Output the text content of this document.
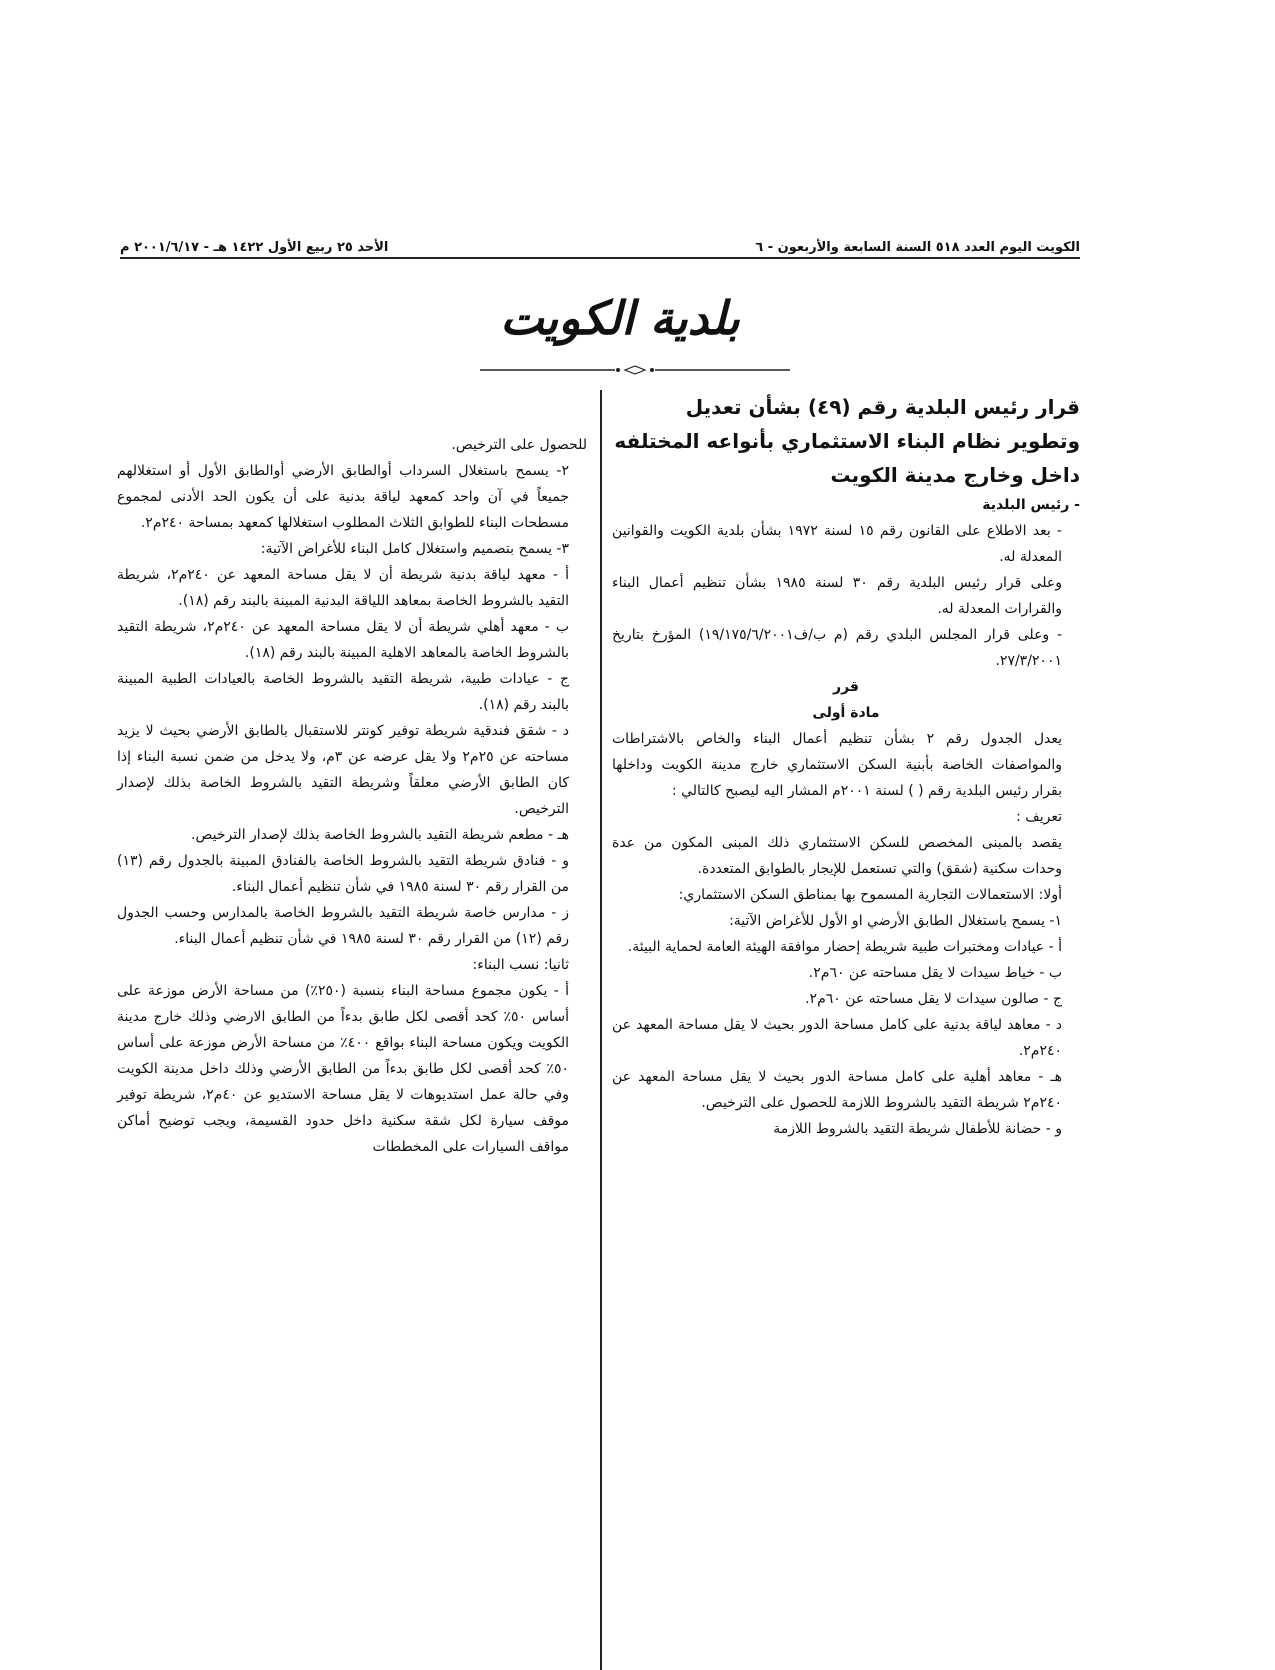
الكويت اليوم العدد ٥١٨ السنة السابعة والأربعون - ٦
الأحد ٢٥ ربيع الأول ١٤٢٢ هـ - ٢٠٠١/٦/١٧ م
بلدية الكويت

قرار رئيس البلدية رقم (٤٩) بشأن تعديل وتطوير نظام البناء الاستثماري بأنواعه المختلفه داخل وخارج مدينة الكويت

- رئيس البلدية

- بعد الاطلاع على القانون رقم ١٥ لسنة ١٩٧٢ بشأن بلدية الكويت والقوانين المعدلة له.

وعلى قرار رئيس البلدية رقم ٣٠ لسنة ١٩٨٥ بشأن تنظيم أعمال البناء والقرارات المعدلة له.

- وعلى قرار المجلس البلدي رقم (م ب/ف١٩/١٧٥/٦/٢٠٠١) المؤرخ بتاريخ ٢٧/٣/٢٠٠١.

قرر

مادة أولى

يعدل الجدول رقم ٢ بشأن تنظيم أعمال البناء والخاص بالاشتراطات والمواصفات الخاصة بأبنية السكن الاستثماري خارج مدينة الكويت وداخلها بقرار رئيس البلدية رقم ( ) لسنة ٢٠٠١م المشار اليه ليصبح كالتالي :

تعريف :

يقصد بالمبنى المخصص للسكن الاستثماري ذلك المبنى المكون من عدة وحدات سكنية (شقق) والتي تستعمل للإيجار بالطوابق المتعددة.

أولا: الاستعمالات التجارية المسموح بها بمناطق السكن الاستثماري:

١- يسمح باستغلال الطابق الأرضي او الأول للأغراض الآتية:

أ - عيادات ومختبرات طبية شريطة إحضار موافقة الهيئة العامة لحماية البيئة.

ب - خياط سيدات لا يقل مساحته عن ٦٠م٢.

ج - صالون سيدات لا يقل مساحته عن ٦٠م٢.

د - معاهد لياقة بدنية على كامل مساحة الدور بحيث لا يقل مساحة المعهد عن ٢٤٠م٢.

هـ - معاهد أهلية على كامل مساحة الدور بحيث لا يقل مساحة المعهد عن ٢٤٠م٢ شريطة التقيد بالشروط اللازمة للحصول على الترخيص.

و - حضانة للأطفال شريطة التقيد بالشروط اللازمة

للحصول على الترخيص.

٢- يسمح باستغلال السرداب أوالطابق الأرضي أوالطابق الأول أو استغلالهم جميعاً في آن واحد كمعهد لياقة بدنية على أن يكون الحد الأدنى لمجموع مسطحات البناء للطوابق الثلاث المطلوب استغلالها كمعهد بمساحة ٢٤٠م٢.

٣- يسمح بتصميم واستغلال كامل البناء للأغراض الآتية:

أ - معهد لياقة بدنية شريطة أن لا يقل مساحة المعهد عن ٢٤٠م٢، شريطة التقيد بالشروط الخاصة بمعاهد اللياقة البدنية المبينة بالبند رقم (١٨).

ب - معهد أهلي شريطة أن لا يقل مساحة المعهد عن ٢٤٠م٢، شريطة التقيد بالشروط الخاصة بالمعاهد الاهلية المبينة بالبند رقم (١٨).

ج - عيادات طبية، شريطة التقيد بالشروط الخاصة بالعيادات الطبية المبينة بالبند رقم (١٨).

د - شقق فندقية شريطة توفير كونتر للاستقبال بالطابق الأرضي بحيث لا يزيد مساحته عن ٢٥م٢ ولا يقل عرضه عن ٣م، ولا يدخل من ضمن نسبة البناء إذا كان الطابق الأرضي معلقاً وشريطة التقيد بالشروط الخاصة بذلك لإصدار الترخيص.

هـ - مطعم شريطة التقيد بالشروط الخاصة بذلك لإصدار الترخيص.

و - فنادق شريطة التقيد بالشروط الخاصة بالفنادق المبينة بالجدول رقم (١٣) من القرار رقم ٣٠ لسنة ١٩٨٥ في شأن تنظيم أعمال البناء.

ز - مدارس خاصة شريطة التقيد بالشروط الخاصة بالمدارس وحسب الجدول رقم (١٢) من القرار رقم ٣٠ لسنة ١٩٨٥ في شأن تنظيم أعمال البناء.

ثانيا: نسب البناء:

أ - يكون مجموع مساحة البناء بنسبة (٢٥٠٪) من مساحة الأرض موزعة على أساس ٥٠٪ كحد أقصى لكل طابق بدءاً من الطابق الارضي وذلك خارج مدينة الكويت ويكون مساحة البناء بواقع ٤٠٠٪ من مساحة الأرض موزعة على أساس ٥٠٪ كحد أقصى لكل طابق بدءاً من الطابق الأرضي وذلك داخل مدينة الكويت وفي حالة عمل استديوهات لا يقل مساحة الاستديو عن ٤٠م٢، شريطة توفير موقف سيارة لكل شقة سكنية داخل حدود القسيمة، ويجب توضيح أماكن مواقف السيارات على المخططات
